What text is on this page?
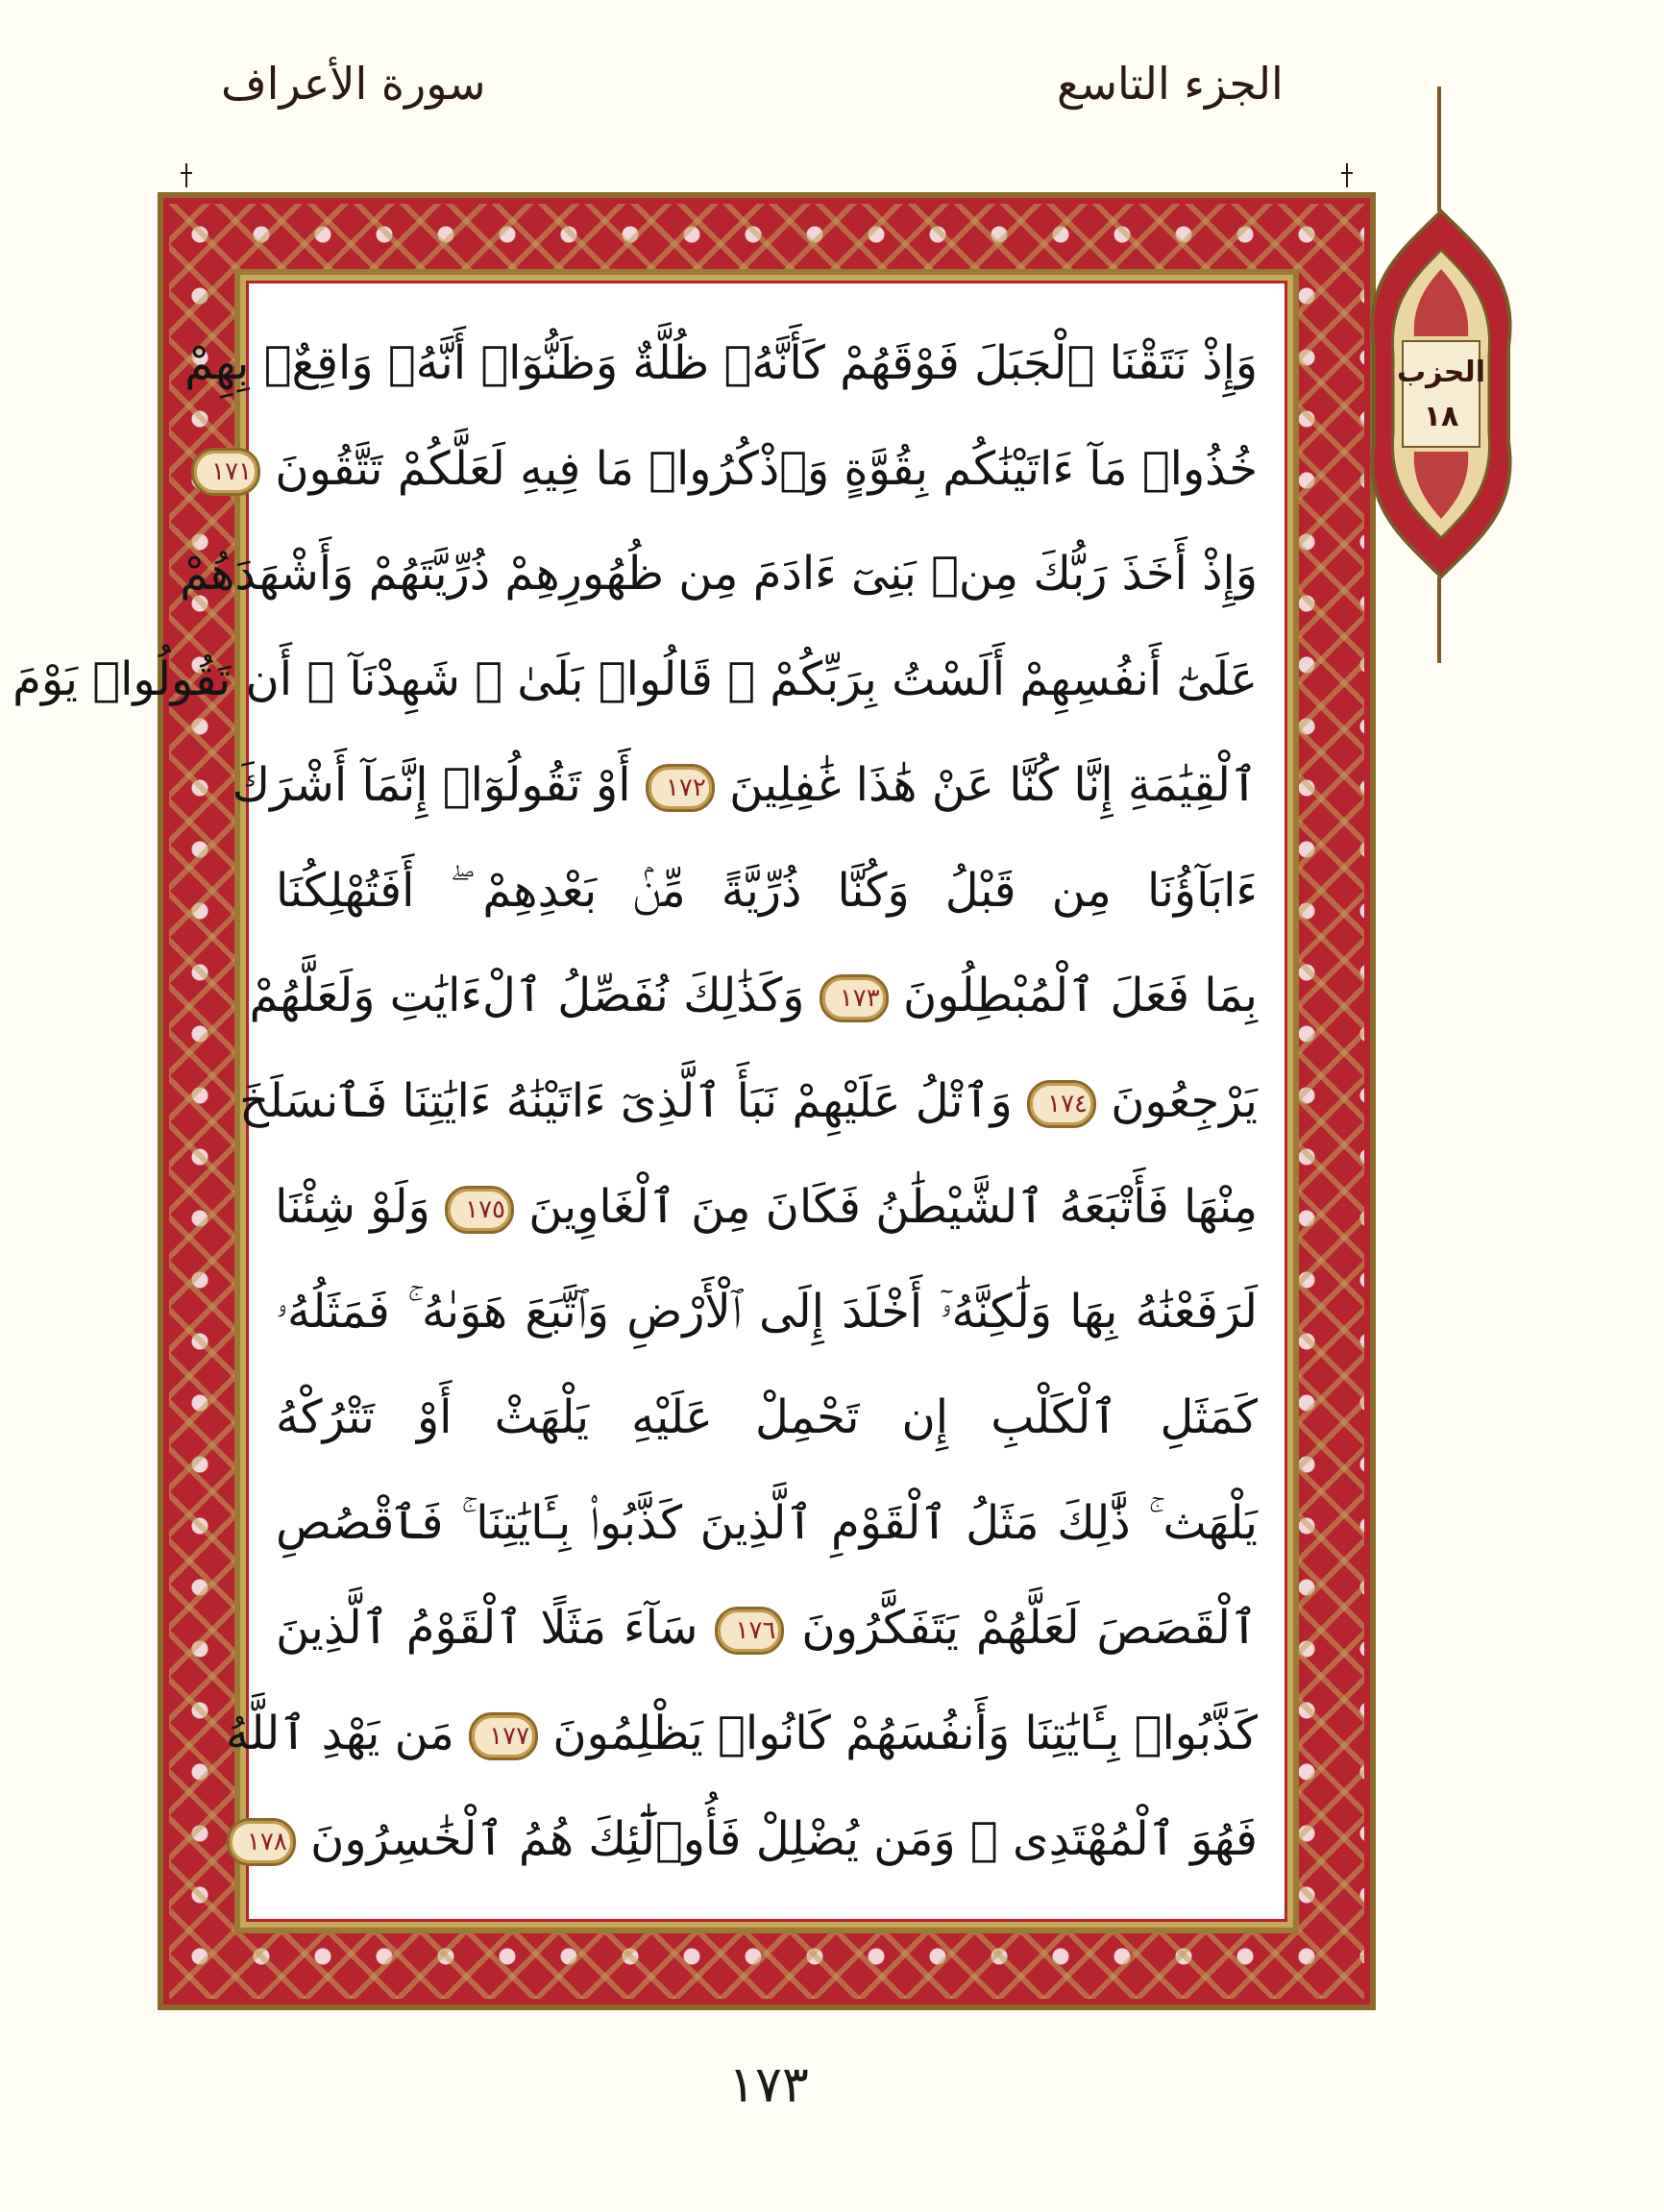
الجزء التاسع
سورة الأعراف
وَإِذْ نَتَقْنَا ٱلْجَبَلَ فَوْقَهُمْ كَأَنَّهُۥ ظُلَّةٌ وَظَنُّوٓا۟ أَنَّهُۥ وَاقِعٌۢ بِهِمْ
خُذُوا۟ مَآ ءَاتَيْنَٰكُم بِقُوَّةٍ وَٱذْكُرُوا۟ مَا فِيهِ لَعَلَّكُمْ تَتَّقُونَ ١٧١
وَإِذْ أَخَذَ رَبُّكَ مِنۢ بَنِىٓ ءَادَمَ مِن ظُهُورِهِمْ ذُرِّيَّتَهُمْ وَأَشْهَدَهُمْ
عَلَىٰٓ أَنفُسِهِمْ أَلَسْتُ بِرَبِّكُمْ ۖ قَالُوا۟ بَلَىٰ ۛ شَهِدْنَآ ۛ أَن تَقُولُوا۟ يَوْمَ
ٱلْقِيَٰمَةِ إِنَّا كُنَّا عَنْ هَٰذَا غَٰفِلِينَ ١٧٢ أَوْ تَقُولُوٓا۟ إِنَّمَآ أَشْرَكَ
ءَابَآؤُنَا مِن قَبْلُ وَكُنَّا ذُرِّيَّةً مِّنۢ بَعْدِهِمْ ۖ أَفَتُهْلِكُنَا
بِمَا فَعَلَ ٱلْمُبْطِلُونَ ١٧٣ وَكَذَٰلِكَ نُفَصِّلُ ٱلْءَايَٰتِ وَلَعَلَّهُمْ
يَرْجِعُونَ ١٧٤ وَٱتْلُ عَلَيْهِمْ نَبَأَ ٱلَّذِىٓ ءَاتَيْنَٰهُ ءَايَٰتِنَا فَٱنسَلَخَ
مِنْهَا فَأَتْبَعَهُ ٱلشَّيْطَٰنُ فَكَانَ مِنَ ٱلْغَاوِينَ ١٧٥ وَلَوْ شِئْنَا
لَرَفَعْنَٰهُ بِهَا وَلَٰكِنَّهُۥٓ أَخْلَدَ إِلَى ٱلْأَرْضِ وَٱتَّبَعَ هَوَىٰهُ ۚ فَمَثَلُهُۥ
كَمَثَلِ ٱلْكَلْبِ إِن تَحْمِلْ عَلَيْهِ يَلْهَثْ أَوْ تَتْرُكْهُ
يَلْهَث ۚ ذَّٰلِكَ مَثَلُ ٱلْقَوْمِ ٱلَّذِينَ كَذَّبُوا۟ بِـَٔايَٰتِنَا ۚ فَٱقْصُصِ
ٱلْقَصَصَ لَعَلَّهُمْ يَتَفَكَّرُونَ ١٧٦ سَآءَ مَثَلًا ٱلْقَوْمُ ٱلَّذِينَ
كَذَّبُوا۟ بِـَٔايَٰتِنَا وَأَنفُسَهُمْ كَانُوا۟ يَظْلِمُونَ ١٧٧ مَن يَهْدِ ٱللَّهُ
فَهُوَ ٱلْمُهْتَدِى ۖ وَمَن يُضْلِلْ فَأُو۟لَٰٓئِكَ هُمُ ٱلْخَٰسِرُونَ ١٧٨
الحزب
١٨
١٧٣
